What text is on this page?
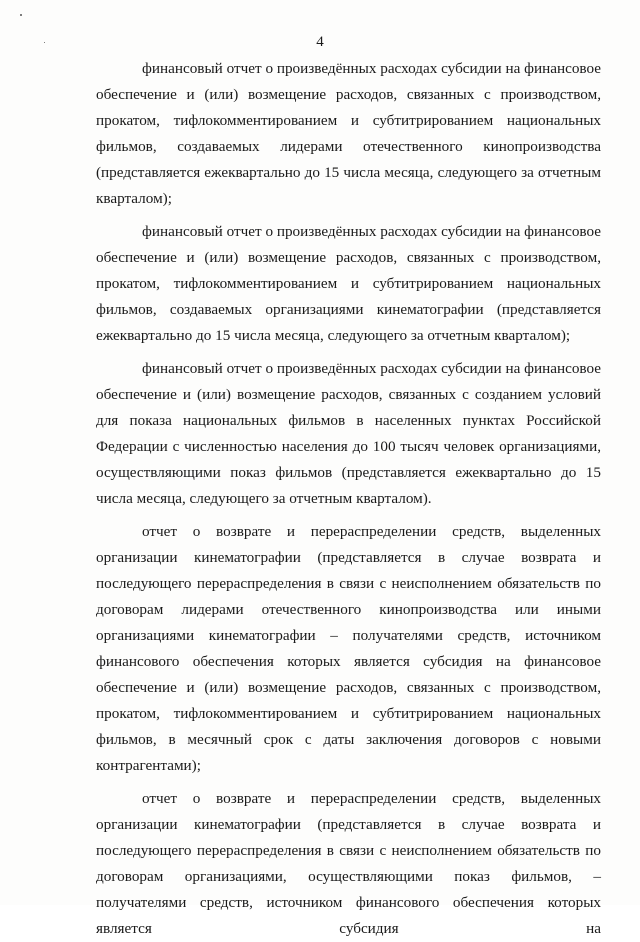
4

финансовый отчет о произведённых расходах субсидии на финансовое обеспечение и (или) возмещение расходов, связанных с производством, прокатом, тифлокомментированием и субтитрированием национальных фильмов, создаваемых лидерами отечественного кинопроизводства (представляется ежеквартально до 15 числа месяца, следующего за отчетным кварталом);

финансовый отчет о произведённых расходах субсидии на финансовое обеспечение и (или) возмещение расходов, связанных с производством, прокатом, тифлокомментированием и субтитрированием национальных фильмов, создаваемых организациями кинематографии (представляется ежеквартально до 15 числа месяца, следующего за отчетным кварталом);

финансовый отчет о произведённых расходах субсидии на финансовое обеспечение и (или) возмещение расходов, связанных с созданием условий для показа национальных фильмов в населенных пунктах Российской Федерации с численностью населения до 100 тысяч человек организациями, осуществляющими показ фильмов (представляется ежеквартально до 15 числа месяца, следующего за отчетным кварталом).

отчет о возврате и перераспределении средств, выделенных организации кинематографии (представляется в случае возврата и последующего перераспределения в связи с неисполнением обязательств по договорам лидерами отечественного кинопроизводства или иными организациями кинематографии – получателями средств, источником финансового обеспечения которых является субсидия на финансовое обеспечение и (или) возмещение расходов, связанных с производством, прокатом, тифлокомментированием и субтитрированием национальных фильмов, в месячный срок с даты заключения договоров с новыми контрагентами);

отчет о возврате и перераспределении средств, выделенных организации кинематографии (представляется в случае возврата и последующего перераспределения в связи с неисполнением обязательств по договорам организациями, осуществляющими показ фильмов, – получателями средств, источником финансового обеспечения которых является субсидия на
